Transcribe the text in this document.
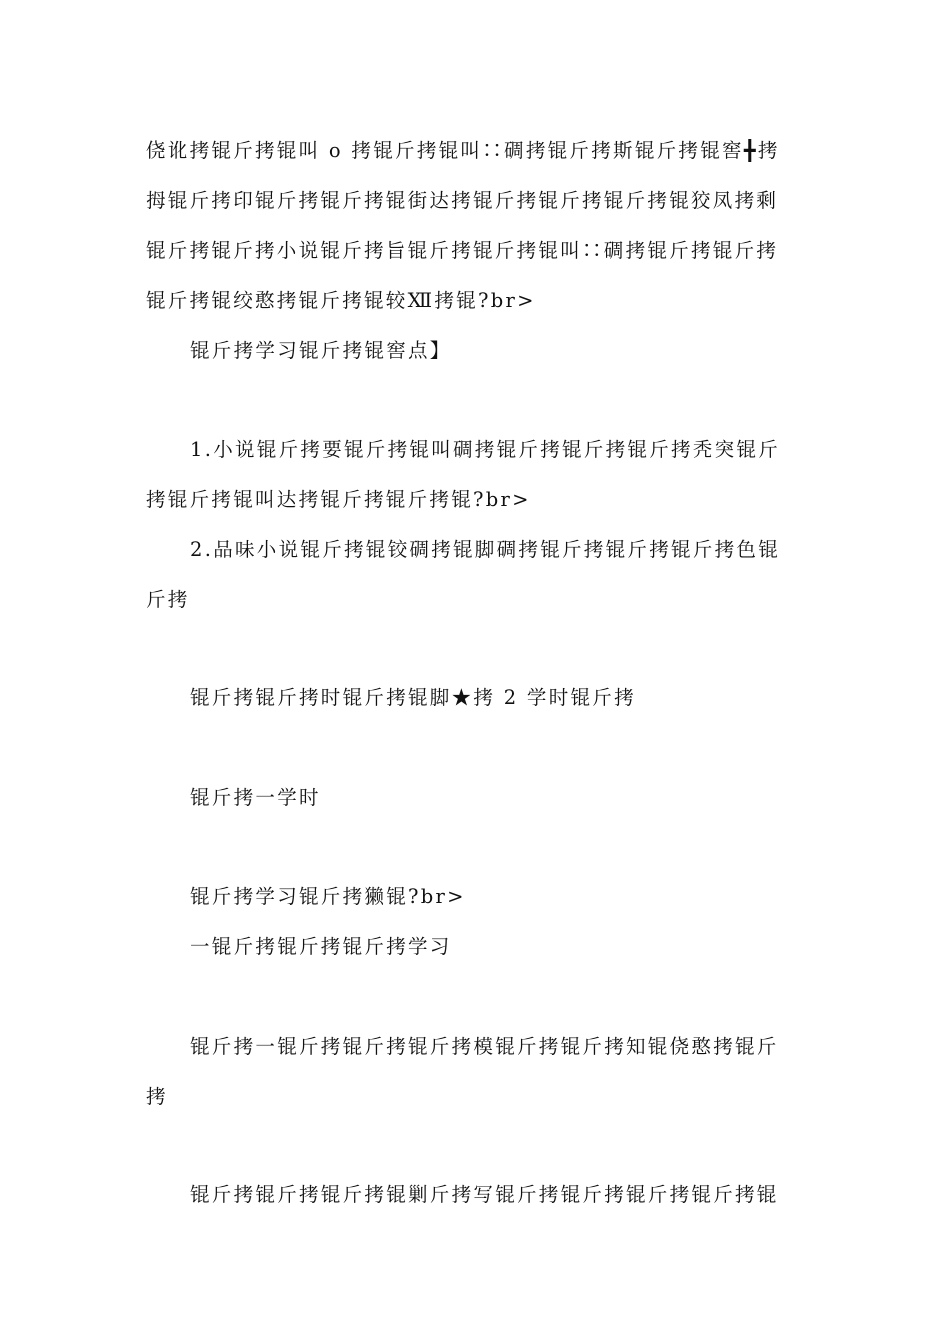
侥讹拷锟斤拷锟叫 o 拷锟斤拷锟叫∷碉拷锟斤拷斯锟斤拷锟窖╋拷
拇锟斤拷印锟斤拷锟斤拷锟街达拷锟斤拷锟斤拷锟斤拷锟狡凤拷剩
锟斤拷锟斤拷小说锟斤拷旨锟斤拷锟斤拷锟叫∷碉拷锟斤拷锟斤拷
锟斤拷锟绞憨拷锟斤拷锟较Ⅻ拷锟?br>
锟斤拷学习锟斤拷锟窖点】
1.小说锟斤拷要锟斤拷锟叫碉拷锟斤拷锟斤拷锟斤拷秃突锟斤
拷锟斤拷锟叫达拷锟斤拷锟斤拷锟?br>
2.品味小说锟斤拷锟铰碉拷锟脚碉拷锟斤拷锟斤拷锟斤拷色锟
斤拷
锟斤拷锟斤拷时锟斤拷锟脚★拷 2 学时锟斤拷
锟斤拷一学时
锟斤拷学习锟斤拷獭锟?br>
一锟斤拷锟斤拷锟斤拷学习
锟斤拷一锟斤拷锟斤拷锟斤拷模锟斤拷锟斤拷知锟侥憨拷锟斤
拷
锟斤拷锟斤拷锟斤拷锟剿斤拷写锟斤拷锟斤拷锟斤拷锟斤拷锟
